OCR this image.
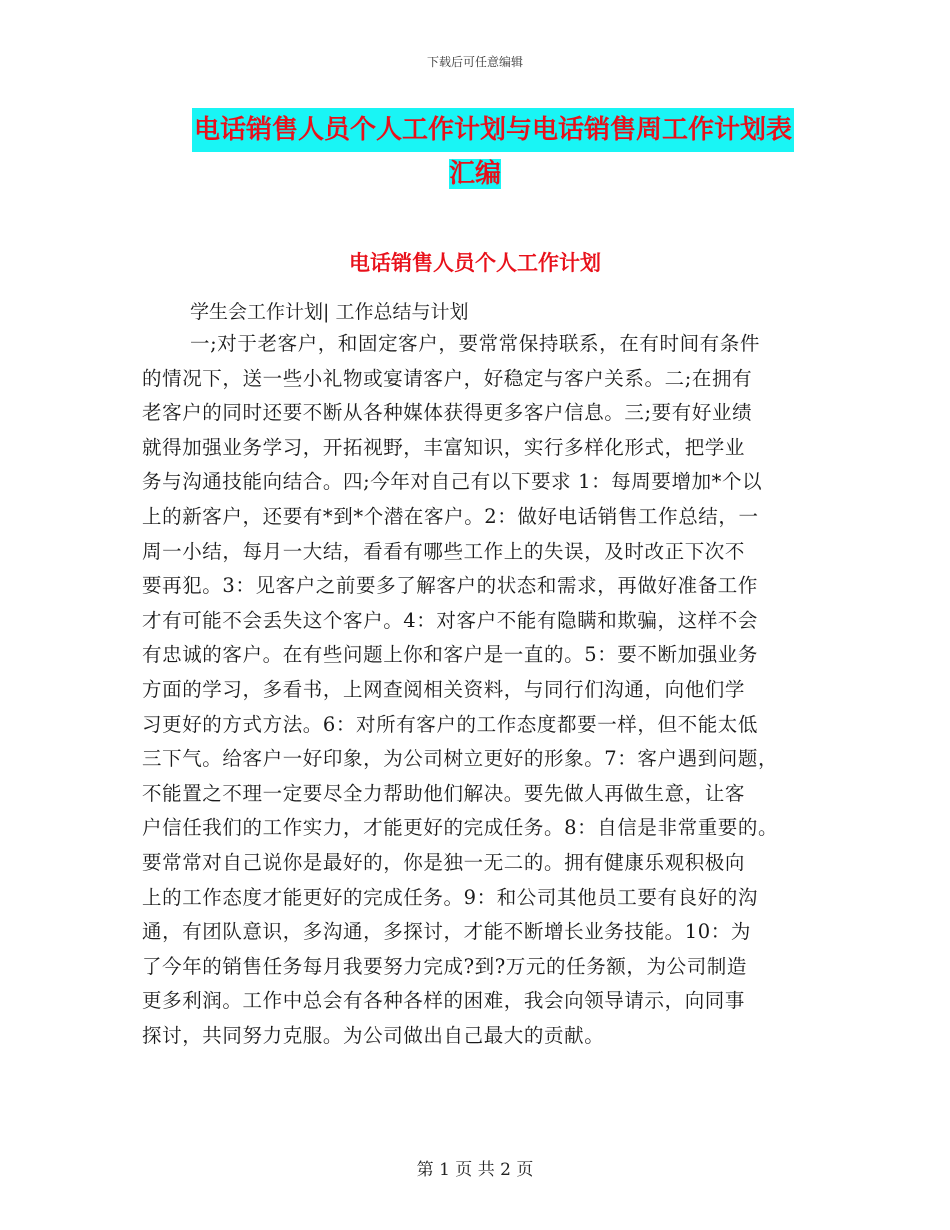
下载后可任意编辑
电话销售人员个人工作计划与电话销售周工作计划表
汇编
电话销售人员个人工作计划
学生会工作计划| 工作总结与计划
一;对于老客户，和固定客户，要常常保持联系，在有时间有条件
的情况下，送一些小礼物或宴请客户，好稳定与客户关系。二;在拥有
老客户的同时还要不断从各种媒体获得更多客户信息。三;要有好业绩
就得加强业务学习，开拓视野，丰富知识，实行多样化形式，把学业
务与沟通技能向结合。四;今年对自己有以下要求 1：每周要增加*个以
上的新客户，还要有*到*个潜在客户。2：做好电话销售工作总结，一
周一小结，每月一大结，看看有哪些工作上的失误，及时改正下次不
要再犯。3：见客户之前要多了解客户的状态和需求，再做好准备工作
才有可能不会丢失这个客户。4：对客户不能有隐瞒和欺骗，这样不会
有忠诚的客户。在有些问题上你和客户是一直的。5：要不断加强业务
方面的学习，多看书，上网查阅相关资料，与同行们沟通，向他们学
习更好的方式方法。6：对所有客户的工作态度都要一样，但不能太低
三下气。给客户一好印象，为公司树立更好的形象。7：客户遇到问题，
不能置之不理一定要尽全力帮助他们解决。要先做人再做生意，让客
户信任我们的工作实力，才能更好的完成任务。8：自信是非常重要的。
要常常对自己说你是最好的，你是独一无二的。拥有健康乐观积极向
上的工作态度才能更好的完成任务。9：和公司其他员工要有良好的沟
通，有团队意识，多沟通，多探讨，才能不断增长业务技能。10：为
了今年的销售任务每月我要努力完成?到?万元的任务额，为公司制造
更多利润。工作中总会有各种各样的困难，我会向领导请示，向同事
探讨，共同努力克服。为公司做出自己最大的贡献。
第 1 页 共 2 页
